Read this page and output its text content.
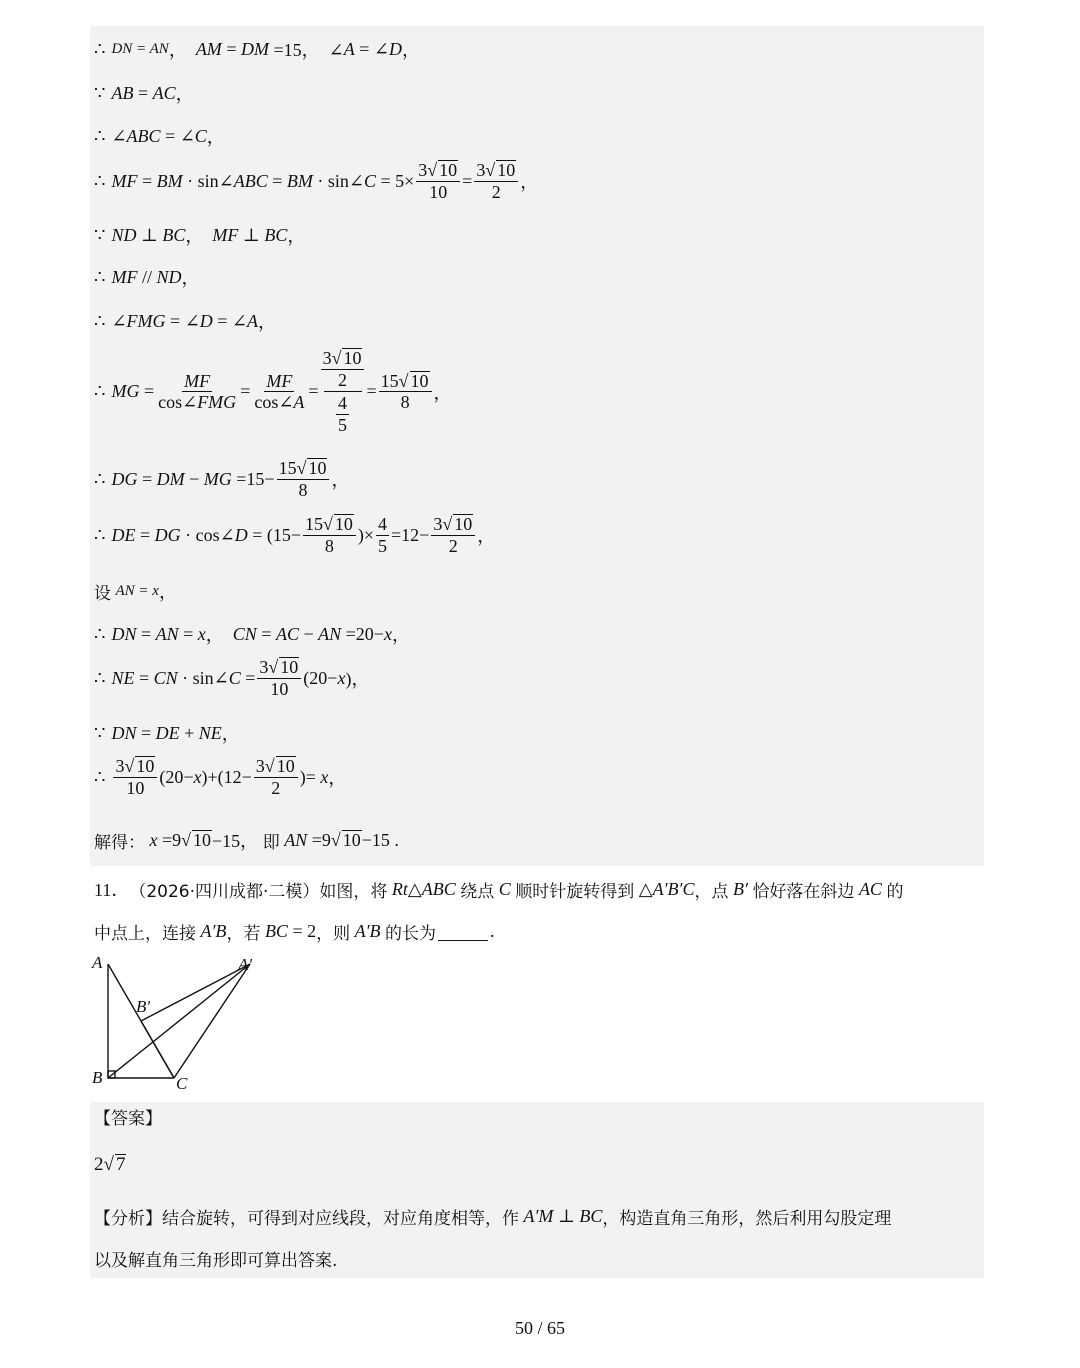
∴ DN = AN ， AM = DM =15，  ∠ A = ∠ D ，
∵ AB = AC ，
∴ ∠ ABC = ∠ C ，
∴ MF = BM · sin∠ ABC = BM · sin∠ $C = 5\times \frac{3√ 10}{10} = \frac{3√ 10}{2}$ ，
∵ ND ⊥ BC ， MF ⊥ BC ，
∴ MF // ND ，
∴ ∠ FMG = ∠ D = ∠ A ，
∴ MG = $\frac{MF}{\text{cos∠FMG}} = \frac{MF}{\cos\angle A}$ =
$\frac{3√ 10}{2}$
$\frac{4}{5}$
= $\frac{15√ 10}{8}$ ，
∴ DG = DM − MG $=15- \frac{15√ 10}{8}$ ，
∴ DE = DG · cos∠ $D = (15- \frac{15√ 10}{8}$ )× $\frac{4}{5} =12- \frac{3√ 10}{2}$ ，
设
AN = x ，
∴ DN = AN = x ， CN = AC − AN =20− x ，
∴ NE = CN · sin∠ $C = \frac{3√ 10}{10} (20- x$ )，
∵ DN = DE + NE ，
∴ $\frac{3√ 10}{10} (20- x$ )$+(12- \frac{3√ 10}{2}$ )= x ，
解得：
x =9√ 10 −15， 即
AN =9√ 10 −15 .
11． （2026·四川成都·二模） 如图，将
Rt △ ABC
绕点
C
顺时针旋转得到 △ A′B′C ，点
B′
恰好落在斜边
AC
的
中点上，连接
A′B ，若
BC = 2 ，则
A′B
的长为	.
A	A′
B′
B	C
【答案】
2√ 7
【分析】 结合旋转，可得到对应线段，对应角度相等，作
A′M ⊥ BC ，构造直角三角形，然后利用勾股定理
以及解直角三角形即可算出答案.
50 / 65
